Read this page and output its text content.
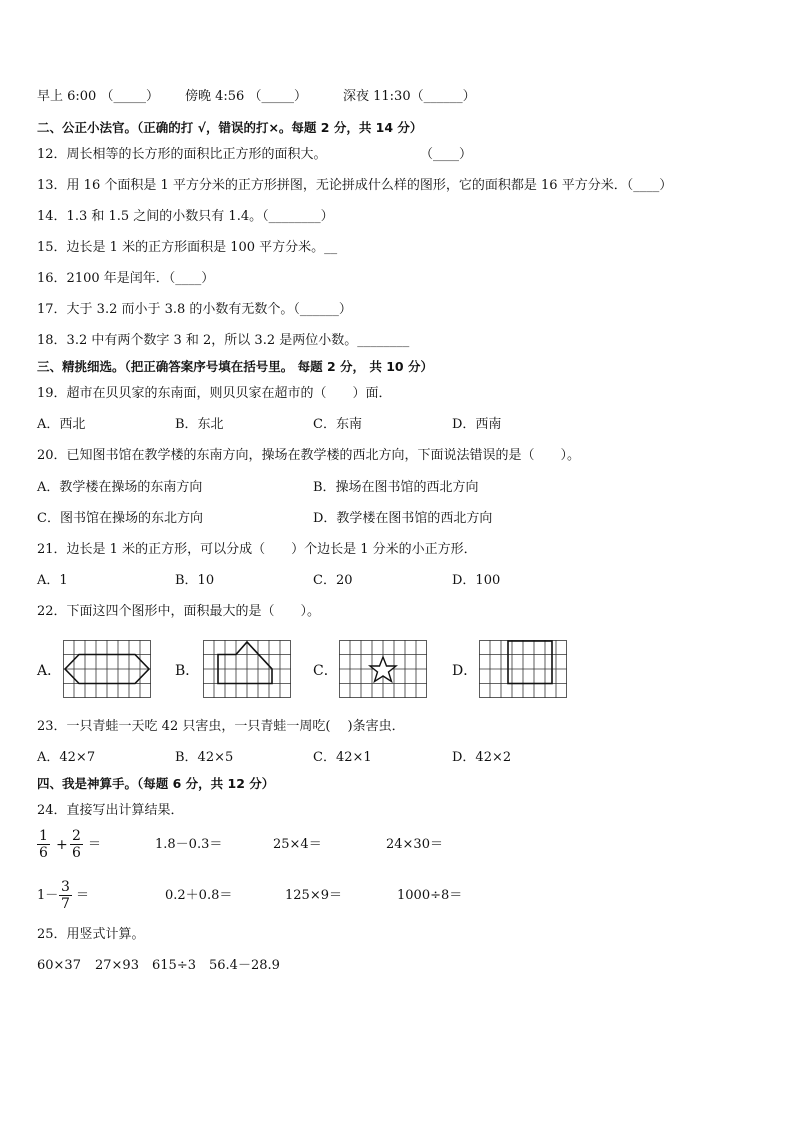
早上 6:00 （_____） 傍晚 4:56 （_____）	深夜 11:30（______）
二、公正小法官。（正确的打 √，错误的打×。每题 2 分，共 14 分）
12．周长相等的长方形的面积比正方形的面积大。	（____）
13．用 16 个面积是 1 平方分米的正方形拼图，无论拼成什么样的图形，它的面积都是 16 平方分米．（____）
14．1.3 和 1.5 之间的小数只有 1.4。（________）
15．边长是 1 米的正方形面积是 100 平方分米。__
16．2100 年是闰年．（____）
17．大于 3.2 而小于 3.8 的小数有无数个。（______）
18．3.2 中有两个数字 3 和 2，所以 3.2 是两位小数。________
三、精挑细选。（把正确答案序号填在括号里。 每题 2 分， 共 10 分）
19．超市在贝贝家的东南面，则贝贝家在超市的（　　）面．
A．西北	B．东北	C．东南	D．西南
20．已知图书馆在教学楼的东南方向，操场在教学楼的西北方向，下面说法错误的是（　　）。
A．教学楼在操场的东南方向	B．操场在图书馆的西北方向
C．图书馆在操场的东北方向	D．教学楼在图书馆的西北方向
21．边长是 1 米的正方形，可以分成（　　）个边长是 1 分米的小正方形．
A．1	B．10	C．20	D．100
22．下面这四个图形中，面积最大的是（　　）。
A．	B．	C．	D．
23．一只青蛙一天吃 42 只害虫，一只青蛙一周吃(　 )条害虫．
A．42×7	B．42×5	C．42×1	D．42×2
四、我是神算手。（每题 6 分，共 12 分）
24．直接写出计算结果．
1
6 +
2
6
＝	1.8－0.3＝	25×4＝	24×30＝
1－
3
7
＝	0.2＋0.8＝	125×9＝	1000÷8＝
25．用竖式计算。
60×37 27×93 615÷3 56.4－28.9
